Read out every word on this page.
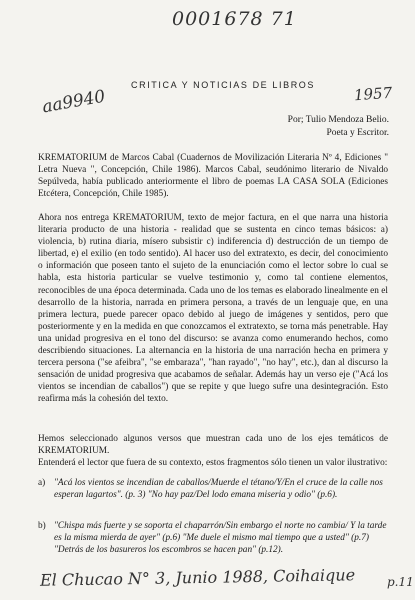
0001678 71
CRITICA Y NOTICIAS DE LIBROS
aa9940	1957
Por; Tulio Mendoza Belio.
Poeta y Escritor.

KREMATORIUM de Marcos Cabal (Cuadernos de Movilización Literaria Nº 4, Ediciones " Letra Nueva ", Concepción, Chile 1986). Marcos Cabal, seudónimo literario de Nivaldo Sepúlveda, había publicado anteriormente el libro de poemas LA CASA SOLA (Ediciones Etcétera, Concepción, Chile 1985).

Ahora nos entrega KREMATORIUM, texto de mejor factura, en el que narra una historia literaria producto de una historia - realidad que se sustenta en cinco temas básicos: a) violencia, b) rutina diaria, mísero subsistir c) indiferencia d) destrucción de un tiempo de libertad, e) el exilio (en todo sentido). Al hacer uso del extratexto, es decir, del conocimiento o información que poseen tanto el sujeto de la enunciación como el lector sobre lo cual se habla, esta historia particular se vuelve testimonio y, como tal contiene elementos, reconocibles de una época determinada. Cada uno de los temas es elaborado linealmente en el desarrollo de la historia, narrada en primera persona, a través de un lenguaje que, en una primera lectura, puede parecer opaco debido al juego de imágenes y sentidos, pero que posteriormente y en la medida en que conozcamos el extratexto, se torna más penetrable. Hay una unidad progresiva en el tono del discurso: se avanza como enumerando hechos, como describiendo situaciones. La alternancia en la historia de una narración hecha en primera y tercera persona ("se afeibra", "se embaraza", "han rayado", "no hay", etc.), dan al discurso la sensación de unidad progresiva que acabamos de señalar. Además hay un verso eje ("Acá los vientos se incendian de caballos") que se repite y que luego sufre una desintegración. Esto reafirma más la cohesión del texto.

Hemos seleccionado algunos versos que muestran cada uno de los ejes temáticos de KREMATORIUM.

Entenderá el lector que fuera de su contexto, estos fragmentos sólo tienen un valor ilustrativo:

a) "Acá los vientos se incendian de caballos/Muerde el tétano/Y/En el cruce de la calle nos esperan lagartos". (p. 3) "No hay paz/Del lodo emana miseria y odio" (p.6).
b) "Chispa más fuerte y se soporta el chaparrón/Sin embargo el norte no cambia/ Y la tarde es la misma mierda de ayer" (p.6) "Me duele el mismo mal tiempo que a usted" (p.7) "Detrás de los basureros los escombros se hacen pan" (p.12).
El Chucao N° 3, Junio 1988, Coihaique	p.11
